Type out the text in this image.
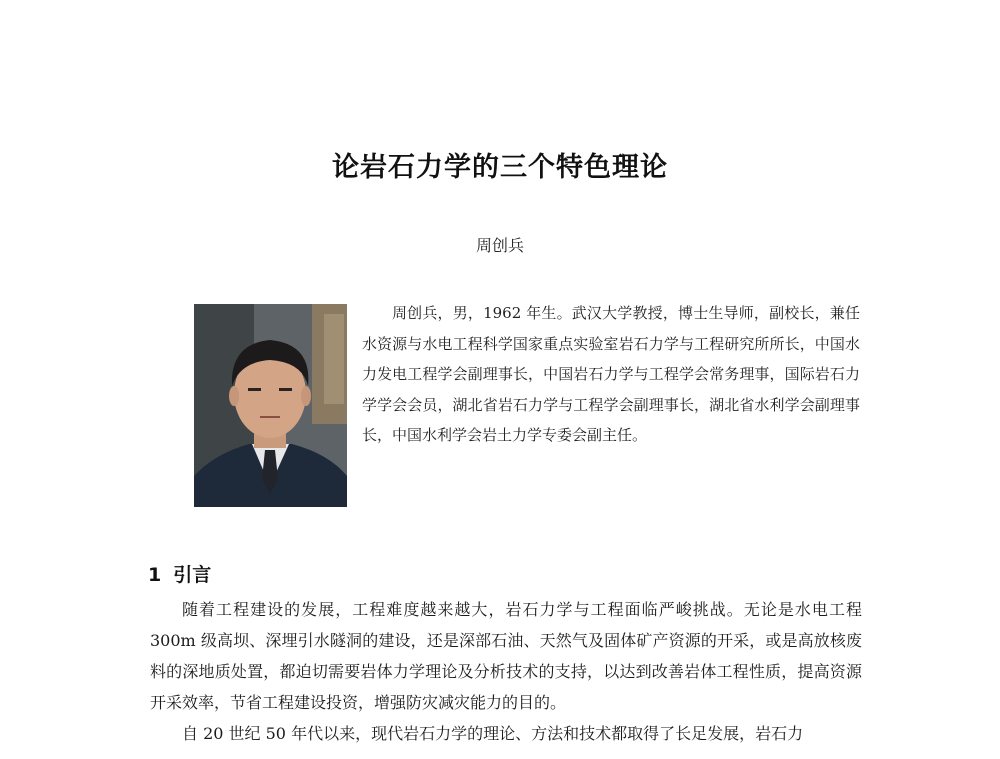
论岩石力学的三个特色理论
周创兵

周创兵，男，1962 年生。武汉大学教授，博士生导师，副校长，兼任水资源与水电工程科学国家重点实验室岩石力学与工程研究所所长，中国水力发电工程学会副理事长，中国岩石力学与工程学会常务理事，国际岩石力学学会会员，湖北省岩石力学与工程学会副理事长，湖北省水利学会副理事长，中国水利学会岩土力学专委会副主任。

1 引言

随着工程建设的发展，工程难度越来越大，岩石力学与工程面临严峻挑战。无论是水电工程 300m 级高坝、深埋引水隧洞的建设，还是深部石油、天然气及固体矿产资源的开采，或是高放核废料的深地质处置，都迫切需要岩体力学理论及分析技术的支持，以达到改善岩体工程性质，提高资源开采效率，节省工程建设投资，增强防灾减灾能力的目的。

自 20 世纪 50 年代以来，现代岩石力学的理论、方法和技术都取得了长足发展，岩石力
